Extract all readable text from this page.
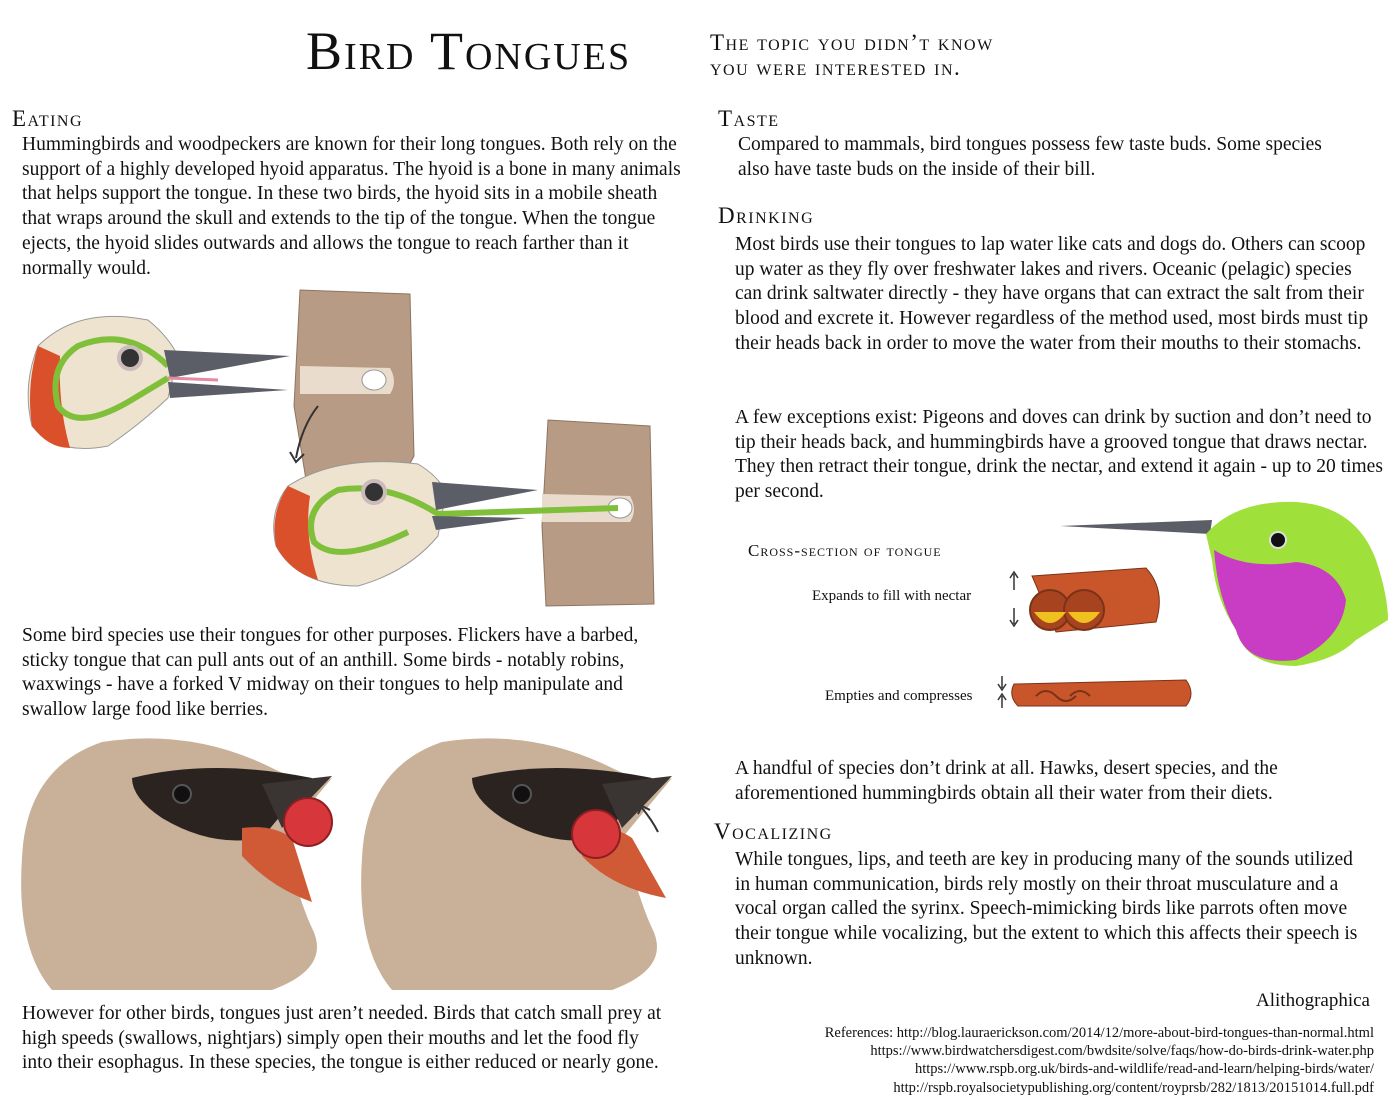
Bird Tongues	The topic you didn’t know
you were interested in.
Eating
Hummingbirds and woodpeckers are known for their long tongues. Both rely on the support of a highly developed hyoid apparatus. The hyoid is a bone in many animals that helps support the tongue. In these two birds, the hyoid sits in a mobile sheath that wraps around the skull and extends to the tip of the tongue. When the tongue ejects, the hyoid slides outwards and allows the tongue to reach farther than it normally would.
Some bird species use their tongues for other purposes. Flickers have a barbed, sticky tongue that can pull ants out of an anthill. Some birds - notably robins, waxwings - have a forked V midway on their tongues to help manipulate and swallow large food like berries.
However for other birds, tongues just aren’t needed. Birds that catch small prey at high speeds (swallows, nightjars) simply open their mouths and let the food fly into their esophagus. In these species, the tongue is either reduced or nearly gone.
Taste
Compared to mammals, bird tongues possess few taste buds. Some species also have taste buds on the inside of their bill.
Drinking
Most birds use their tongues to lap water like cats and dogs do. Others can scoop up water as they fly over freshwater lakes and rivers. Oceanic (pelagic) species can drink saltwater directly - they have organs that can extract the salt from their blood and excrete it. However regardless of the method used, most birds must tip their heads back in order to move the water from their mouths to their stomachs.
A few exceptions exist: Pigeons and doves can drink by suction and don’t need to tip their heads back, and hummingbirds have a grooved tongue that draws nectar. They then retract their tongue, drink the nectar, and extend it again - up to 20 times per second.
Cross-section of tongue
Expands to fill with nectar
Empties and compresses
A handful of species don’t drink at all. Hawks, desert species, and the aforementioned hummingbirds obtain all their water from their diets.
Vocalizing
While tongues, lips, and teeth are key in producing many of the sounds utilized in human communication, birds rely mostly on their throat musculature and a vocal organ called the syrinx. Speech-mimicking birds like parrots often move their tongue while vocalizing, but the extent to which this affects their speech is unknown.
Alithographica
References: http://blog.lauraerickson.com/2014/12/more-about-bird-tongues-than-normal.html
https://www.birdwatchersdigest.com/bwdsite/solve/faqs/how-do-birds-drink-water.php
https://www.rspb.org.uk/birds-and-wildlife/read-and-learn/helping-birds/water/
http://rspb.royalsocietypublishing.org/content/royprsb/282/1813/20151014.full.pdf
